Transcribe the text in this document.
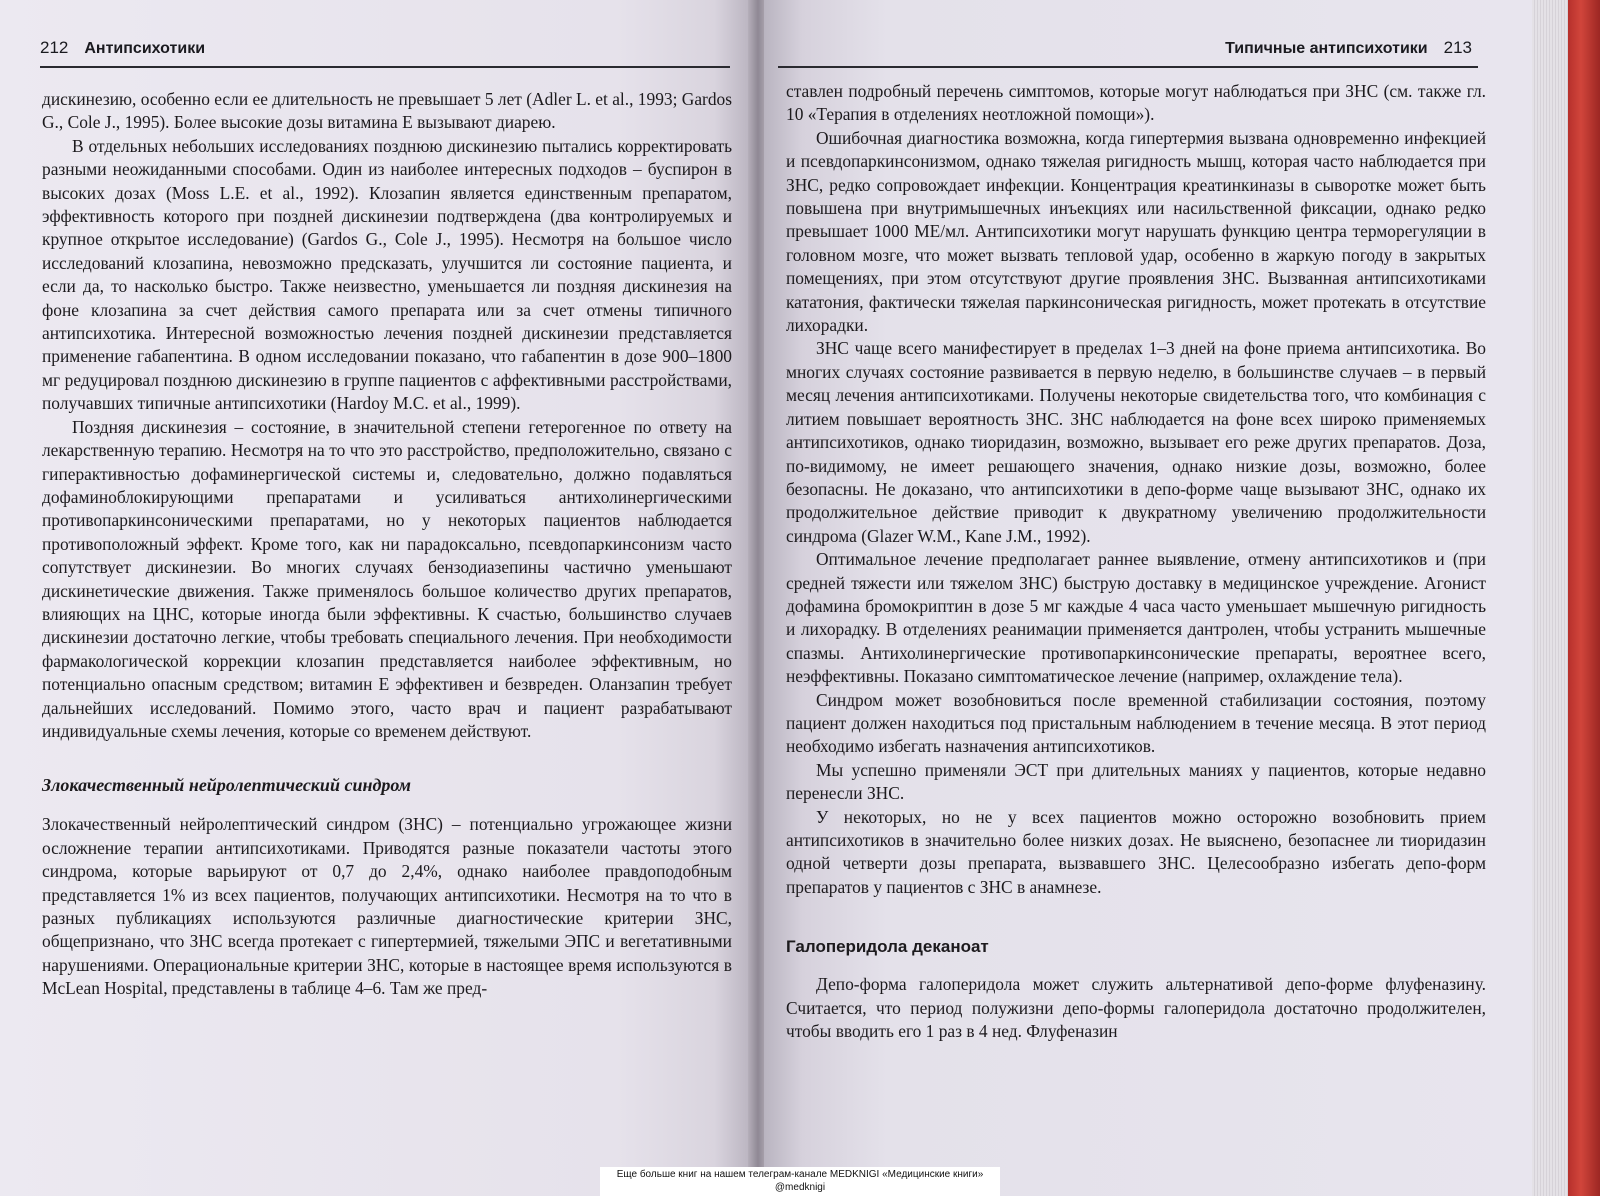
212 Антипсихотики

дискинезию, особенно если ее длительность не превышает 5 лет (Adler L. et al., 1993; Gardos G., Cole J., 1995). Более высокие дозы витамина Е вызывают диарею.

В отдельных небольших исследованиях позднюю дискинезию пытались корректировать разными неожиданными способами. Один из наиболее интересных подходов – буспирон в высоких дозах (Moss L.E. et al., 1992). Клозапин является единственным препаратом, эффективность которого при поздней дискинезии подтверждена (два контролируемых и крупное открытое исследование) (Gardos G., Cole J., 1995). Несмотря на большое число исследований клозапина, невозможно предсказать, улучшится ли состояние пациента, и если да, то насколько быстро. Также неизвестно, уменьшается ли поздняя дискинезия на фоне клозапина за счет действия самого препарата или за счет отмены типичного антипсихотика. Интересной возможностью лечения поздней дискинезии представляется применение габапентина. В одном исследовании показано, что габапентин в дозе 900–1800 мг редуцировал позднюю дискинезию в группе пациентов с аффективными расстройствами, получавших типичные антипсихотики (Hardoy M.C. et al., 1999).

Поздняя дискинезия – состояние, в значительной степени гетерогенное по ответу на лекарственную терапию. Несмотря на то что это расстройство, предположительно, связано с гиперактивностью дофаминергической системы и, следовательно, должно подавляться дофаминоблокирующими препаратами и усиливаться антихолинергическими противопаркинсоническими препаратами, но у некоторых пациентов наблюдается противоположный эффект. Кроме того, как ни парадоксально, псевдопаркинсонизм часто сопутствует дискинезии. Во многих случаях бензодиазепины частично уменьшают дискинетические движения. Также применялось большое количество других препаратов, влияющих на ЦНС, которые иногда были эффективны. К счастью, большинство случаев дискинезии достаточно легкие, чтобы требовать специального лечения. При необходимости фармакологической коррекции клозапин представляется наиболее эффективным, но потенциально опасным средством; витамин Е эффективен и безвреден. Оланзапин требует дальнейших исследований. Помимо этого, часто врач и пациент разрабатывают индивидуальные схемы лечения, которые со временем действуют.

Злокачественный нейролептический синдром

Злокачественный нейролептический синдром (ЗНС) – потенциально угрожающее жизни осложнение терапии антипсихотиками. Приводятся разные показатели частоты этого синдрома, которые варьируют от 0,7 до 2,4%, однако наиболее правдоподобным представляется 1% из всех пациентов, получающих антипсихотики. Несмотря на то что в разных публикациях используются различные диагностические критерии ЗНС, общепризнано, что ЗНС всегда протекает с гипертермией, тяжелыми ЭПС и вегетативными нарушениями. Операциональные критерии ЗНС, которые в настоящее время используются в McLean Hospital, представлены в таблице 4–6. Там же пред-

Типичные антипсихотики 213

ставлен подробный перечень симптомов, которые могут наблюдаться при ЗНС (см. также гл. 10 «Терапия в отделениях неотложной помощи»).

Ошибочная диагностика возможна, когда гипертермия вызвана одновременно инфекцией и псевдопаркинсонизмом, однако тяжелая ригидность мышц, которая часто наблюдается при ЗНС, редко сопровождает инфекции. Концентрация креатинкиназы в сыворотке может быть повышена при внутримышечных инъекциях или насильственной фиксации, однако редко превышает 1000 МЕ/мл. Антипсихотики могут нарушать функцию центра терморегуляции в головном мозге, что может вызвать тепловой удар, особенно в жаркую погоду в закрытых помещениях, при этом отсутствуют другие проявления ЗНС. Вызванная антипсихотиками кататония, фактически тяжелая паркинсоническая ригидность, может протекать в отсутствие лихорадки.

ЗНС чаще всего манифестирует в пределах 1–3 дней на фоне приема антипсихотика. Во многих случаях состояние развивается в первую неделю, в большинстве случаев – в первый месяц лечения антипсихотиками. Получены некоторые свидетельства того, что комбинация с литием повышает вероятность ЗНС. ЗНС наблюдается на фоне всех широко применяемых антипсихотиков, однако тиоридазин, возможно, вызывает его реже других препаратов. Доза, по-видимому, не имеет решающего значения, однако низкие дозы, возможно, более безопасны. Не доказано, что антипсихотики в депо-форме чаще вызывают ЗНС, однако их продолжительное действие приводит к двукратному увеличению продолжительности синдрома (Glazer W.M., Kane J.M., 1992).

Оптимальное лечение предполагает раннее выявление, отмену антипсихотиков и (при средней тяжести или тяжелом ЗНС) быструю доставку в медицинское учреждение. Агонист дофамина бромокриптин в дозе 5 мг каждые 4 часа часто уменьшает мышечную ригидность и лихорадку. В отделениях реанимации применяется дантролен, чтобы устранить мышечные спазмы. Антихолинергические противопаркинсонические препараты, вероятнее всего, неэффективны. Показано симптоматическое лечение (например, охлаждение тела).

Синдром может возобновиться после временной стабилизации состояния, поэтому пациент должен находиться под пристальным наблюдением в течение месяца. В этот период необходимо избегать назначения антипсихотиков.

Мы успешно применяли ЭСТ при длительных маниях у пациентов, которые недавно перенесли ЗНС.

У некоторых, но не у всех пациентов можно осторожно возобновить прием антипсихотиков в значительно более низких дозах. Не выяснено, безопаснее ли тиоридазин одной четверти дозы препарата, вызвавшего ЗНС. Целесообразно избегать депо-форм препаратов у пациентов с ЗНС в анамнезе.

Галоперидола деканоат

Депо-форма галоперидола может служить альтернативой депо-форме флуфеназину. Считается, что период полужизни депо-формы галоперидола достаточно продолжителен, чтобы вводить его 1 раз в 4 нед. Флуфеназин

Еще больше книг на нашем телеграм-канале MEDKNIGI «Медицинские книги»
@medknigi
